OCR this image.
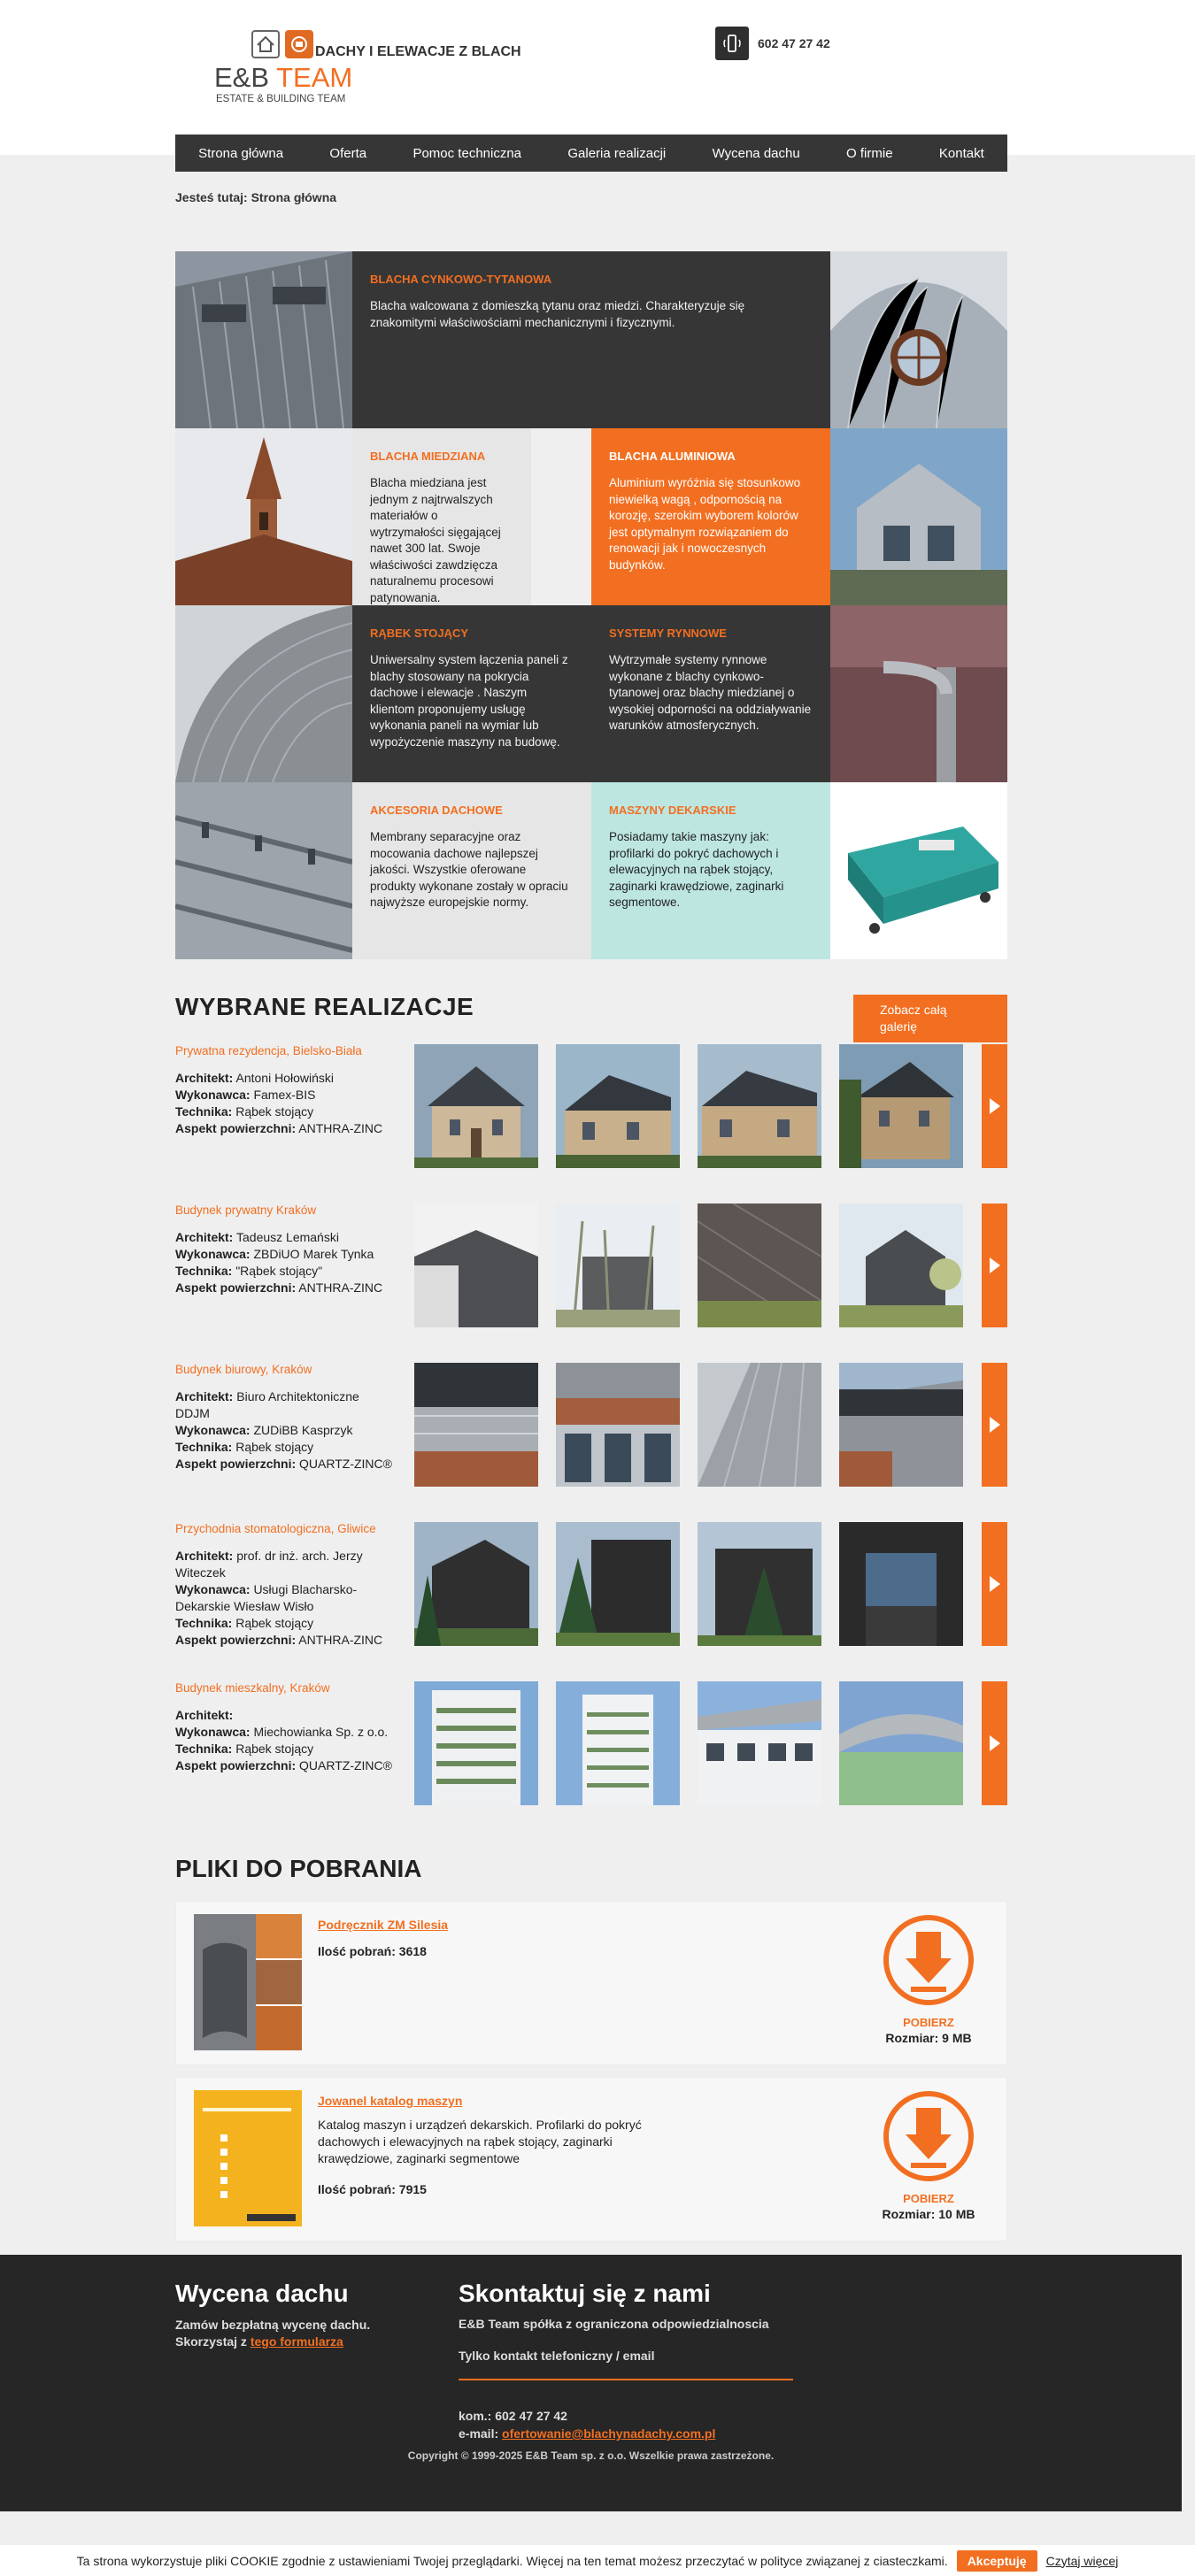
DACHY I ELEWACJE Z BLACH
E&B TEAM
ESTATE & BUILDING TEAM
602 47 27 42
Strona główna	Oferta	Pomoc techniczna	Galeria realizacji	Wycena dachu	O firmie	Kontakt
Jesteś tutaj: Strona główna
BLACHA CYNKOWO-TYTANOWA
Blacha walcowana z domieszką tytanu oraz miedzi. Charakteryzuje się znakomitymi właściwościami mechanicznymi i fizycznymi.
BLACHA MIEDZIANA
Blacha miedziana jest jednym z najtrwalszych materiałów o wytrzymałości sięgającej nawet 300 lat. Swoje właściwości zawdzięcza naturalnemu procesowi patynowania.
BLACHA ALUMINIOWA
Aluminium wyróżnia się stosunkowo niewielką wagą , odpornością na korozję, szerokim wyborem kolorów jest optymalnym rozwiązaniem do renowacji jak i nowoczesnych budynków.
RĄBEK STOJĄCY
Uniwersalny system łączenia paneli z blachy stosowany na pokrycia dachowe i elewacje . Naszym klientom proponujemy usługę wykonania paneli na wymiar lub wypożyczenie maszyny na budowę.
SYSTEMY RYNNOWE
Wytrzymałe systemy rynnowe wykonane z blachy cynkowo-tytanowej oraz blachy miedzianej o wysokiej odporności na oddziaływanie warunków atmosferycznych.
AKCESORIA DACHOWE
Membrany separacyjne oraz mocowania dachowe najlepszej jakości. Wszystkie oferowane produkty wykonane zostały w opraciu najwyższe europejskie normy.
MASZYNY DEKARSKIE
Posiadamy takie maszyny jak: profilarki do pokryć dachowych i elewacyjnych na rąbek stojący, zaginarki krawędziowe, zaginarki segmentowe.
WYBRANE REALIZACJE	Zobacz całą galerię
Prywatna rezydencja, Bielsko-Biała
Architekt: Antoni Hołowiński
Wykonawca: Famex-BIS
Technika: Rąbek stojący
Aspekt powierzchni: ANTHRA-ZINC
Budynek prywatny Kraków
Architekt: Tadeusz Lemański
Wykonawca: ZBDiUO Marek Tynka
Technika: "Rąbek stojący"
Aspekt powierzchni: ANTHRA-ZINC
Budynek biurowy, Kraków
Architekt: Biuro Architektoniczne DDJM
Wykonawca: ZUDiBB Kasprzyk
Technika: Rąbek stojący
Aspekt powierzchni: QUARTZ-ZINC®
Przychodnia stomatologiczna, Gliwice
Architekt: prof. dr inż. arch. Jerzy Witeczek
Wykonawca: Usługi Blacharsko-Dekarskie Wiesław Wisło
Technika: Rąbek stojący
Aspekt powierzchni: ANTHRA-ZINC
Budynek mieszkalny, Kraków
Architekt:
Wykonawca: Miechowianka Sp. z o.o.
Technika: Rąbek stojący
Aspekt powierzchni: QUARTZ-ZINC®
PLIKI DO POBRANIA
Podręcznik ZM Silesia
Ilość pobrań: 3618
POBIERZ
Rozmiar: 9 MB
Jowanel katalog maszyn
Katalog maszyn i urządzeń dekarskich. Profilarki do pokryć dachowych i elewacyjnych na rąbek stojący, zaginarki krawędziowe, zaginarki segmentowe
Ilość pobrań: 7915
POBIERZ
Rozmiar: 10 MB
Wycena dachu
Zamów bezpłatną wycenę dachu.
Skorzystaj z tego formularza
Skontaktuj się z nami
E&B Team spółka z ograniczona odpowiedzialnoscia
Tylko kontakt telefoniczny / email
kom.: 602 47 27 42
e-mail: ofertowanie@blachynadachy.com.pl
Copyright © 1999-2025 E&B Team sp. z o.o. Wszelkie prawa zastrzeżone.
Ta strona wykorzystuje pliki COOKIE zgodnie z ustawieniami Twojej przeglądarki. Więcej na ten temat możesz przeczytać w polityce związanej z ciasteczkami.	Akceptuję	Czytaj więcej
